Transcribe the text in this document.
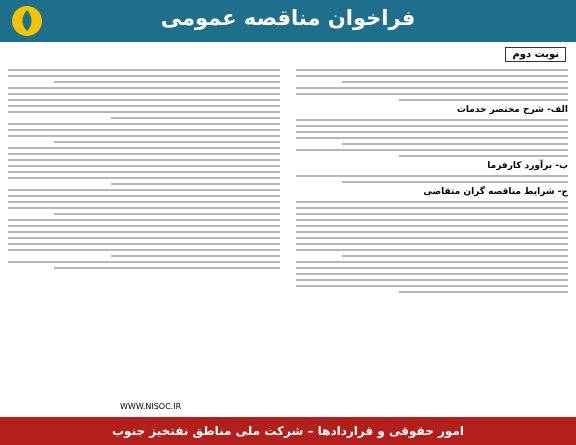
فراخوان مناقصه عمومی
نوبت دوم
الف- شرح مختصر خدمات
ب- برآورد کارفرما
ج- شرایط مناقصه گران متقاضی
WWW.NISOC.IR
امور حقوقی و قراردادها – شرکت ملی مناطق نفتخیز جنوب
